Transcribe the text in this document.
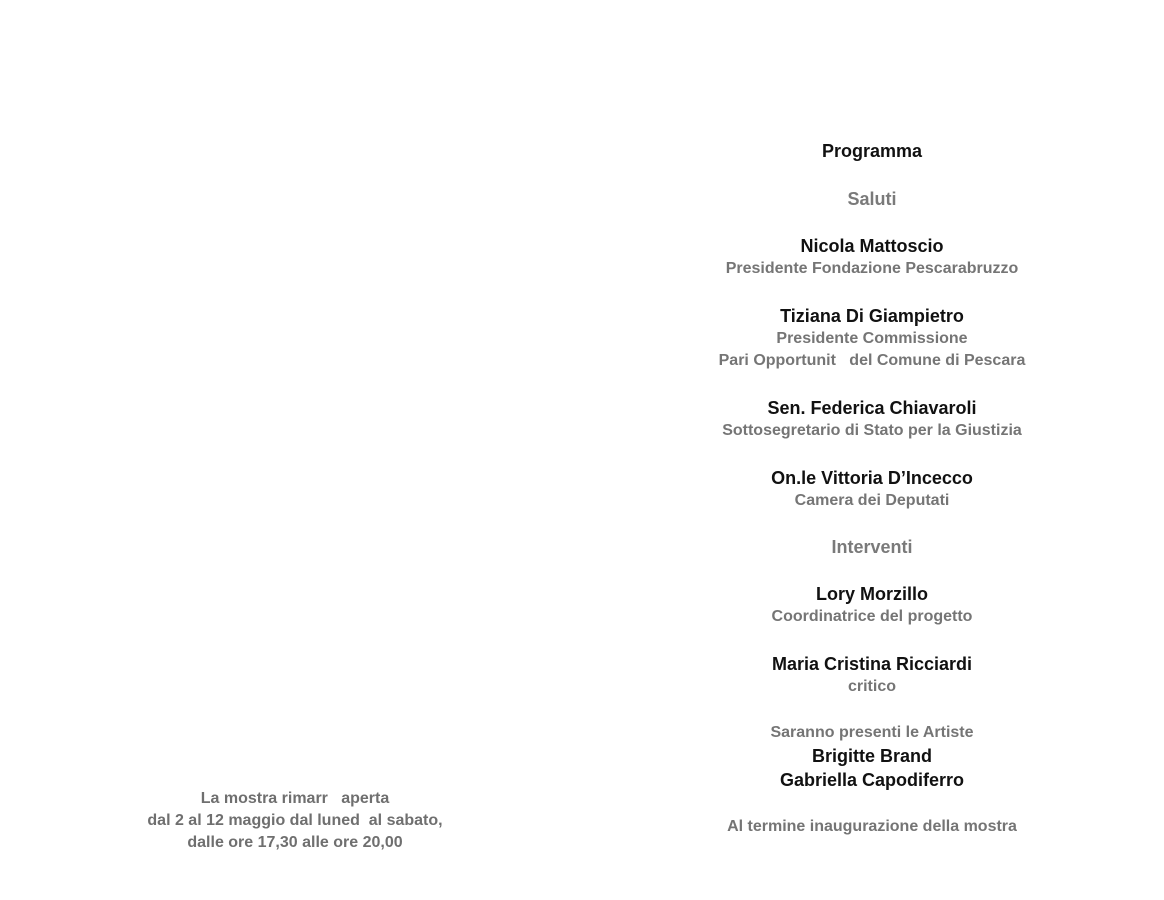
La mostra rimarr   aperta
dal 2 al 12 maggio dal luned  al sabato,
dalle ore 17,30 alle ore 20,00

Programma

Saluti

Nicola Mattoscio

Presidente Fondazione Pescarabruzzo

Tiziana Di Giampietro

Presidente Commissione

Pari Opportunit   del Comune di Pescara

Sen. Federica Chiavaroli

Sottosegretario di Stato per la Giustizia

On.le Vittoria D’Incecco

Camera dei Deputati

Interventi

Lory Morzillo

Coordinatrice del progetto

Maria Cristina Ricciardi

critico

Saranno presenti le Artiste

Brigitte Brand

Gabriella Capodiferro

Al termine inaugurazione della mostra
